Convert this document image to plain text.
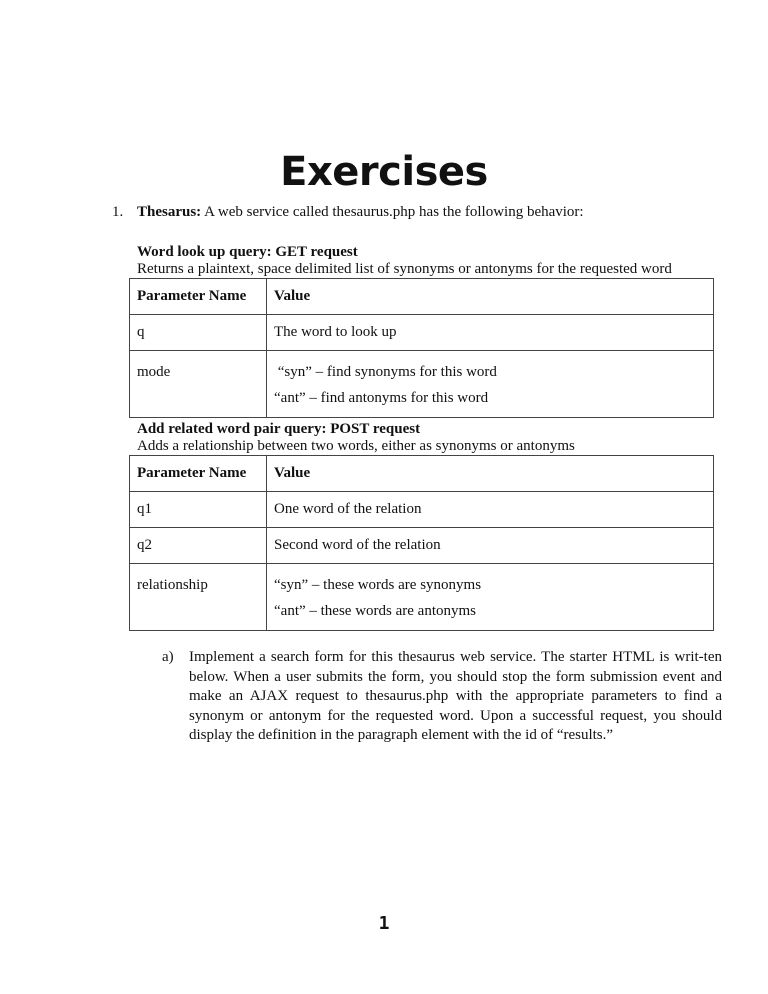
Exercises
1. Thesarus: A web service called thesaurus.php has the following behavior:
Word look up query: GET request
Returns a plaintext, space delimited list of synonyms or antonyms for the requested word
Parameter Name	Value
q	The word to look up

mode	“syn” – find synonyms for this word
“ant” – find antonyms for this word
Add related word pair query: POST request
Adds a relationship between two words, either as synonyms or antonyms
Parameter Name	Value
q1	One word of the relation
q2	Second word of the relation

relationship	“syn” – these words are synonyms
“ant” – these words are antonyms
a) Implement a search form for this thesaurus web service. The starter HTML is writ-ten below. When a user submits the form, you should stop the form submission event and make an AJAX request to thesaurus.php with the appropriate parameters to find a synonym or antonym for the requested word. Upon a successful request, you should display the definition in the paragraph element with the id of “results.”
1
